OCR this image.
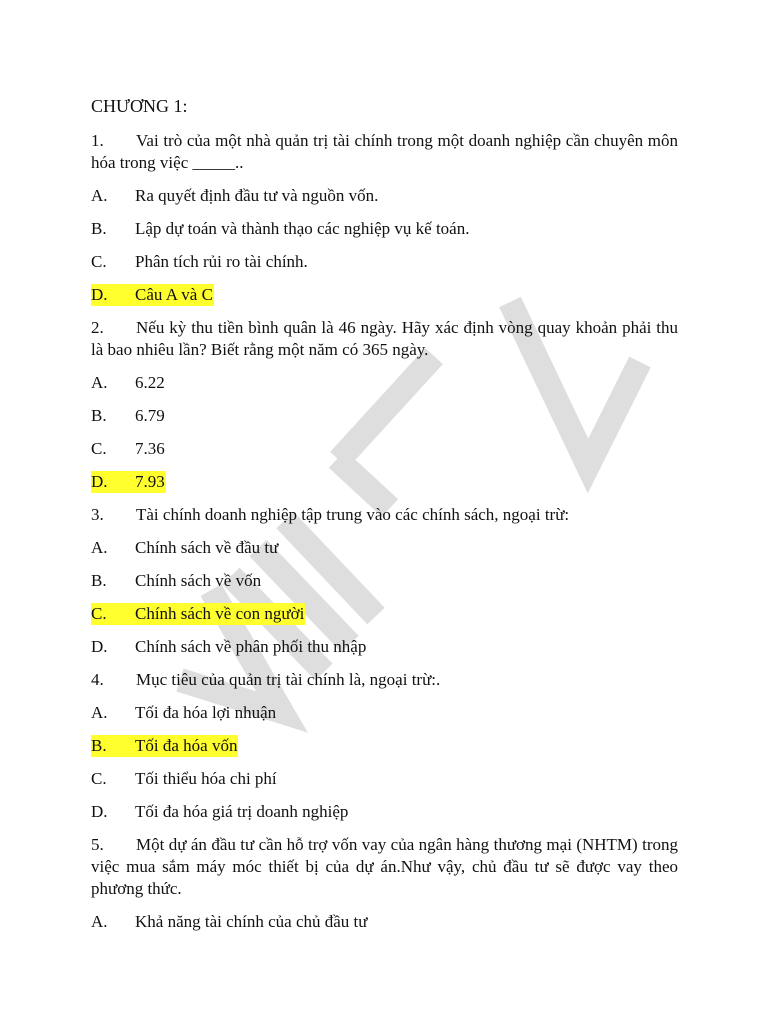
CHƯƠNG 1:
1. Vai trò của một nhà quản trị tài chính trong một doanh nghiệp cần chuyên môn hóa trong việc _____..
A.	Ra quyết định đầu tư và nguồn vốn.
B.	Lập dự toán và thành thạo các nghiệp vụ kế toán.
C.	Phân tích rủi ro tài chính.
D.	Câu A và C
2. Nếu kỳ thu tiền bình quân là 46 ngày. Hãy xác định vòng quay khoản phải thu là bao nhiêu lần? Biết rằng một năm có 365 ngày.
A.	6.22
B.	6.79
C.	7.36
D.	7.93
3. Tài chính doanh nghiệp tập trung vào các chính sách, ngoại trừ:
A.	Chính sách về đầu tư
B.	Chính sách về vốn
C.	Chính sách về con người
D.	Chính sách về phân phối thu nhập
4. Mục tiêu của quản trị tài chính là, ngoại trừ:.
A.	Tối đa hóa lợi nhuận
B.	Tối đa hóa vốn
C.	Tối thiểu hóa chi phí
D.	Tối đa hóa giá trị doanh nghiệp
5. Một dự án đầu tư cần hỗ trợ vốn vay của ngân hàng thương mại (NHTM) trong việc mua sắm máy móc thiết bị của dự án.Như vậy, chủ đầu tư sẽ được vay theo phương thức.
A.	Khả năng tài chính của chủ đầu tư
